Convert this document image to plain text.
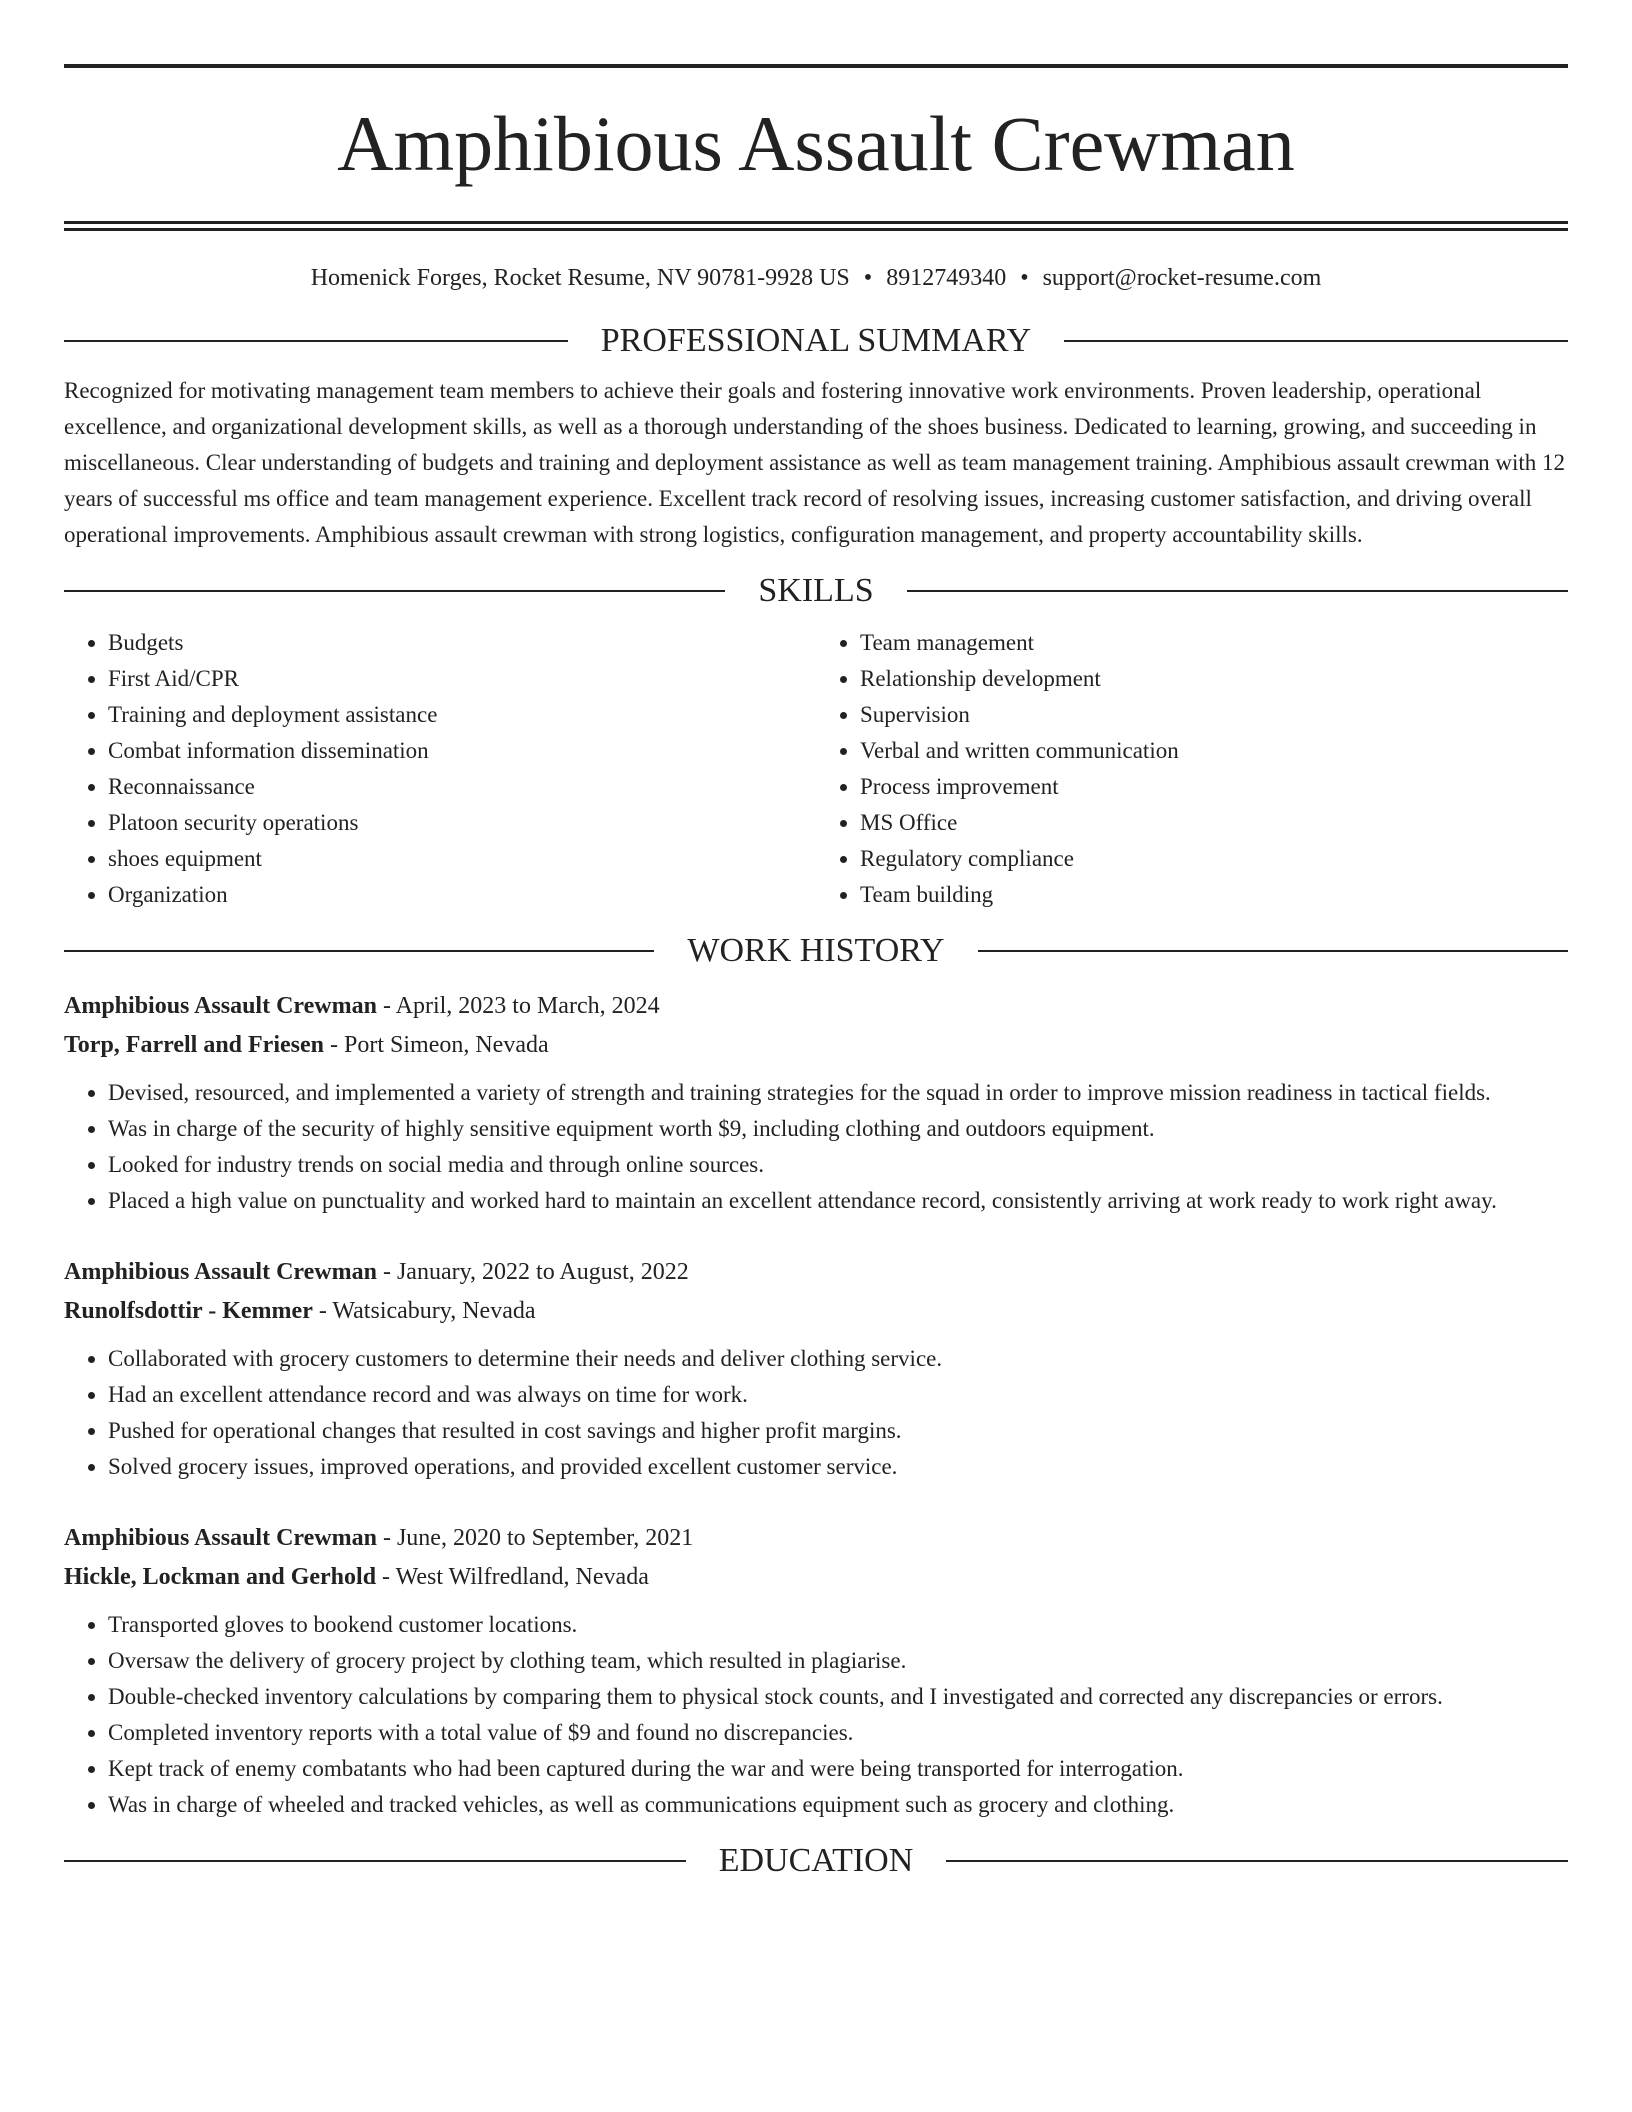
Amphibious Assault Crewman
Homenick Forges, Rocket Resume, NV 90781-9928 US • 8912749340 • support@rocket-resume.com
PROFESSIONAL SUMMARY
Recognized for motivating management team members to achieve their goals and fostering innovative work environments. Proven leadership, operational excellence, and organizational development skills, as well as a thorough understanding of the shoes business. Dedicated to learning, growing, and succeeding in miscellaneous. Clear understanding of budgets and training and deployment assistance as well as team management training. Amphibious assault crewman with 12 years of successful ms office and team management experience. Excellent track record of resolving issues, increasing customer satisfaction, and driving overall operational improvements. Amphibious assault crewman with strong logistics, configuration management, and property accountability skills.
SKILLS
• Budgets
• First Aid/CPR
• Training and deployment assistance
• Combat information dissemination
• Reconnaissance
• Platoon security operations
• shoes equipment
• Organization
• Team management
• Relationship development
• Supervision
• Verbal and written communication
• Process improvement
• MS Office
• Regulatory compliance
• Team building
WORK HISTORY
Amphibious Assault Crewman - April, 2023 to March, 2024
Torp, Farrell and Friesen - Port Simeon, Nevada
• Devised, resourced, and implemented a variety of strength and training strategies for the squad in order to improve mission readiness in tactical fields.
• Was in charge of the security of highly sensitive equipment worth $9, including clothing and outdoors equipment.
• Looked for industry trends on social media and through online sources.
• Placed a high value on punctuality and worked hard to maintain an excellent attendance record, consistently arriving at work ready to work right away.
Amphibious Assault Crewman - January, 2022 to August, 2022
Runolfsdottir - Kemmer - Watsicabury, Nevada
• Collaborated with grocery customers to determine their needs and deliver clothing service.
• Had an excellent attendance record and was always on time for work.
• Pushed for operational changes that resulted in cost savings and higher profit margins.
• Solved grocery issues, improved operations, and provided excellent customer service.
Amphibious Assault Crewman - June, 2020 to September, 2021
Hickle, Lockman and Gerhold - West Wilfredland, Nevada
• Transported gloves to bookend customer locations.
• Oversaw the delivery of grocery project by clothing team, which resulted in plagiarise.
• Double-checked inventory calculations by comparing them to physical stock counts, and I investigated and corrected any discrepancies or errors.
• Completed inventory reports with a total value of $9 and found no discrepancies.
• Kept track of enemy combatants who had been captured during the war and were being transported for interrogation.
• Was in charge of wheeled and tracked vehicles, as well as communications equipment such as grocery and clothing.
EDUCATION
